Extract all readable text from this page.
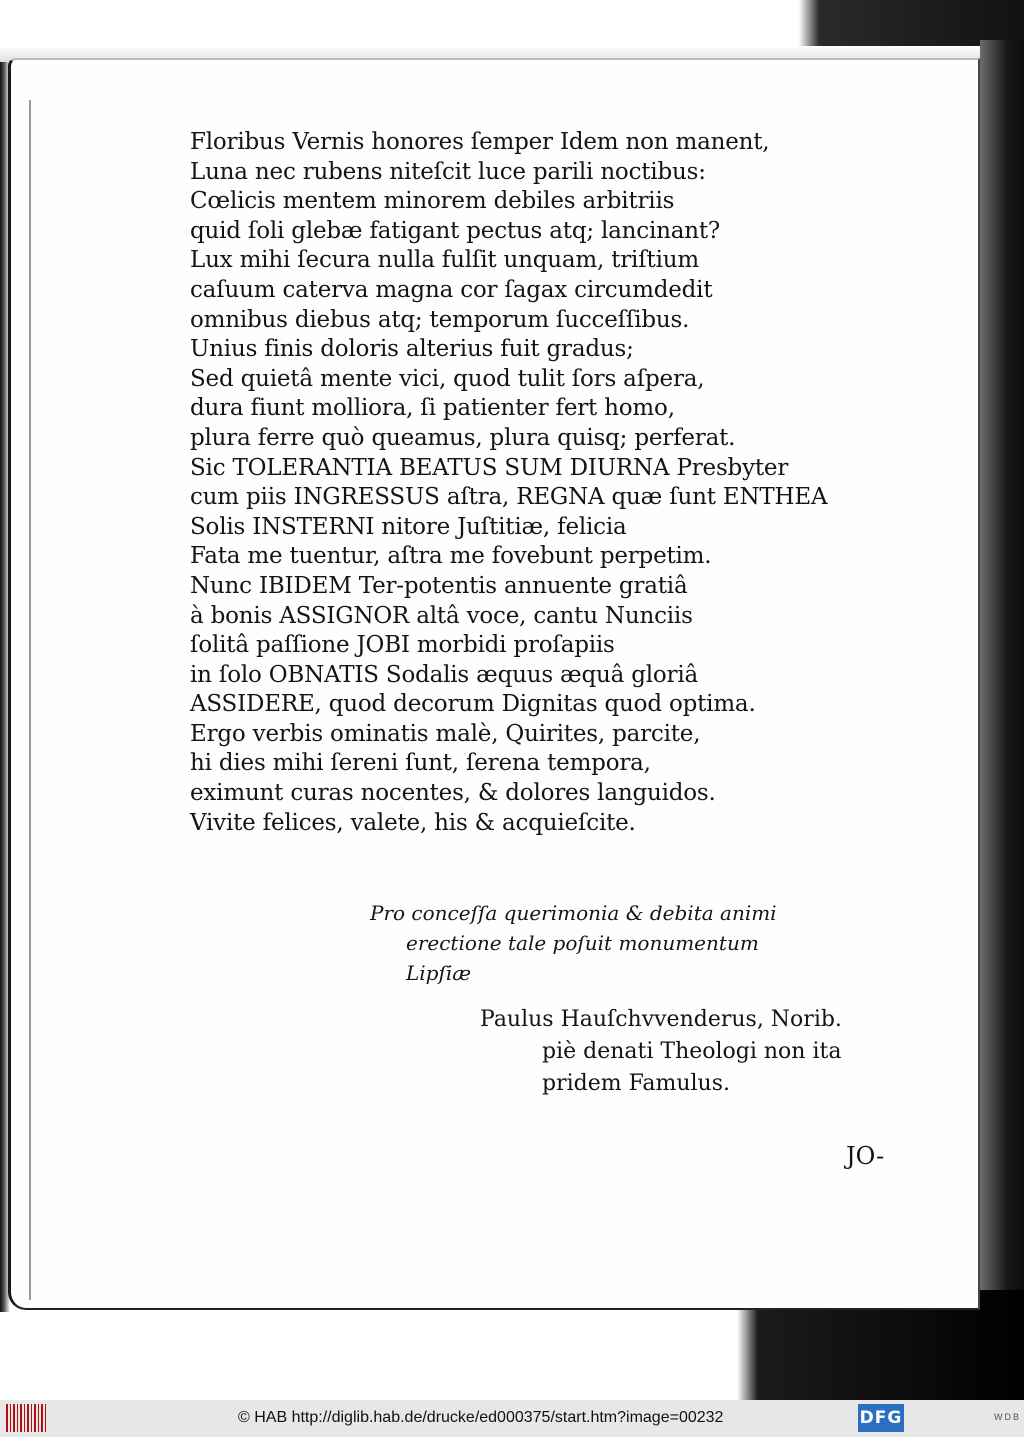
Floribus Vernis honores ſemper Idem non manent,
Luna nec rubens niteſcit luce parili noctibus:
Cœlicis mentem minorem debiles arbitriis
quid ſoli glebæ fatigant pectus atq; lancinant?
Lux mihi ſecura nulla fulſit unquam, triſtium
caſuum caterva magna cor ſagax circumdedit
omnibus diebus atq; temporum ſucceſſibus.
Unius finis doloris alterius fuit gradus;
Sed quietâ mente vici, quod tulit ſors aſpera,
dura fiunt molliora, ſi patienter fert homo,
plura ferre quò queamus, plura quisq; perferat.
Sic TOLERANTIA BEATUS SUM DIURNA Presbyter
cum piis INGRESSUS aſtra, REGNA quæ ſunt ENTHEA
Solis INSTERNI nitore Juſtitiæ, felicia
Fata me tuentur, aſtra me fovebunt perpetim.
Nunc IBIDEM Ter-potentis annuente gratiâ
à bonis ASSIGNOR altâ voce, cantu Nunciis
ſolitâ paſſione JOBI morbidi proſapiis
in ſolo OBNATIS Sodalis æquus æquâ gloriâ
ASSIDERE, quod decorum Dignitas quod optima.
Ergo verbis ominatis malè, Quirites, parcite,
hi dies mihi ſereni ſunt, ſerena tempora,
eximunt curas nocentes, & dolores languidos.
Vivite felices, valete, his & acquieſcite.
Pro conceſſa querimonia & debita animi
erectione tale poſuit monumentum
Lipſiæ
Paulus Hauſchvvenderus, Norib.
piè denati Theologi non ita
pridem Famulus.
JO-
© HAB http://diglib.hab.de/drucke/ed000375/start.htm?image=00232	DFG	WDB
